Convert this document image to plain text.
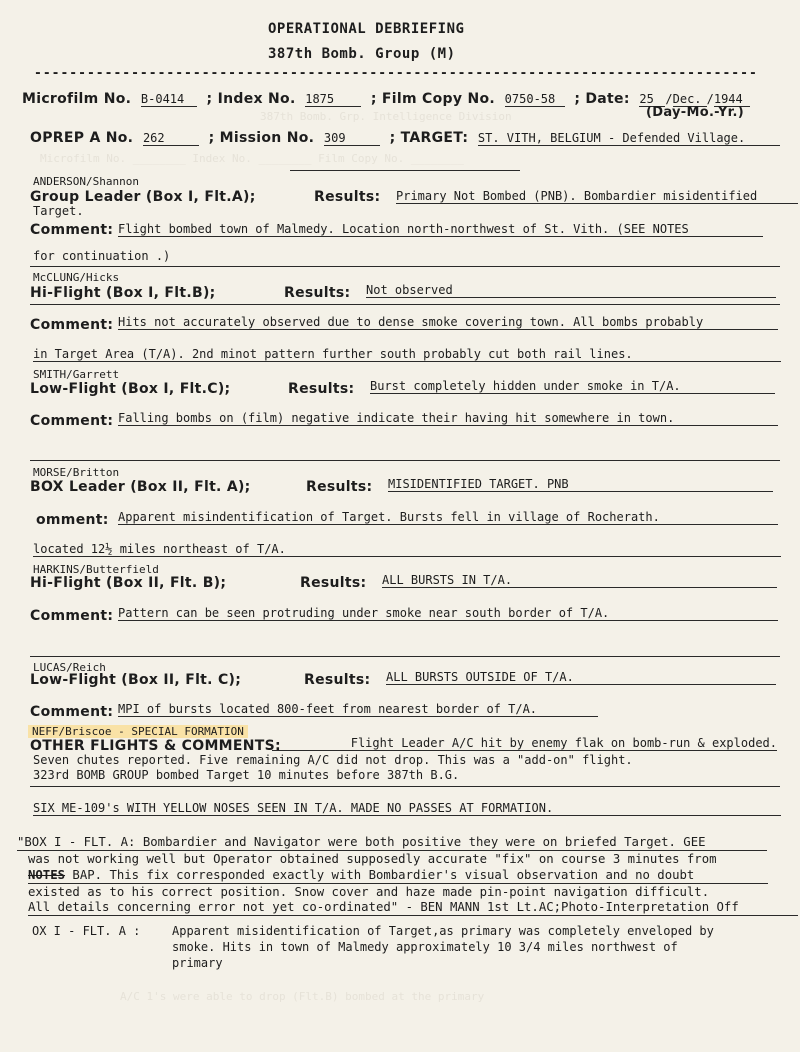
387th Bomb. Grp. Intelligence Division
Microfilm No. ________ Index No. ________ Film Copy No. ________
A/C 1's were able to drop (Flt.B) bombed at the primary
OPERATIONAL DEBRIEFING
387th Bomb. Group (M)
----------------------------------------------------------------------------------
Microfilm No. B-0414 ; Index No. 1875	; Film Copy No. 0750-58 ; Date: 25 /Dec. /1944
(Day-Mo.-Yr.)
OPREP A No. 262	; Mission No. 309	; TARGET: ST. VITH, BELGIUM - Defended Village.
ANDERSON/Shannon
Group Leader (Box I, Flt.A);	Results: Primary Not Bombed (PNB). Bombardier misidentified
Target.
Comment: Flight bombed town of Malmedy. Location north-northwest of St. Vith. (SEE NOTES
for continuation .)
McCLUNG/Hicks
Hi-Flight (Box I, Flt.B);	Results: Not observed
Comment: Hits not accurately observed due to dense smoke covering town. All bombs probably
in Target Area (T/A). 2nd minot pattern further south probably cut both rail lines.
SMITH/Garrett
Low-Flight (Box I, Flt.C);	Results: Burst completely hidden under smoke in T/A.
Comment: Falling bombs on (film) negative indicate their having hit somewhere in town.
MORSE/Britton
BOX Leader (Box II, Flt. A);	Results: MISIDENTIFIED TARGET. PNB
omment: Apparent misindentification of Target. Bursts fell in village of Rocherath.
located 12½ miles northeast of T/A.
HARKINS/Butterfield
Hi-Flight (Box II, Flt. B);	Results: ALL BURSTS IN T/A.
Comment: Pattern can be seen protruding under smoke near south border of T/A.
LUCAS/Reich
Low-Flight (Box II, Flt. C);	Results: ALL BURSTS OUTSIDE OF T/A.
Comment: MPI of bursts located 800-feet from nearest border of T/A.
NEFF/Briscoe - SPECIAL FORMATION
OTHER FLIGHTS & COMMENTS:	Flight Leader A/C hit by enemy flak on bomb-run & exploded.
Seven chutes reported. Five remaining A/C did not drop. This was a "add-on" flight.
323rd BOMB GROUP bombed Target 10 minutes before 387th B.G.
SIX ME-109's WITH YELLOW NOSES SEEN IN T/A. MADE NO PASSES AT FORMATION.
"BOX I - FLT. A: Bombardier and Navigator were both positive they were on briefed Target. GEE
was not working well but Operator obtained supposedly accurate "fix" on course 3 minutes from
NOTES BAP. This fix corresponded exactly with Bombardier's visual observation and no doubt
existed as to his correct position. Snow cover and haze made pin-point navigation difficult.
All details concerning error not yet co-ordinated" - BEN MANN 1st Lt.AC;Photo-Interpretation Off
OX I - FLT. A :	Apparent misidentification of Target,as primary was completely enveloped by
smoke. Hits in town of Malmedy approximately 10 3/4 miles northwest of
primary
